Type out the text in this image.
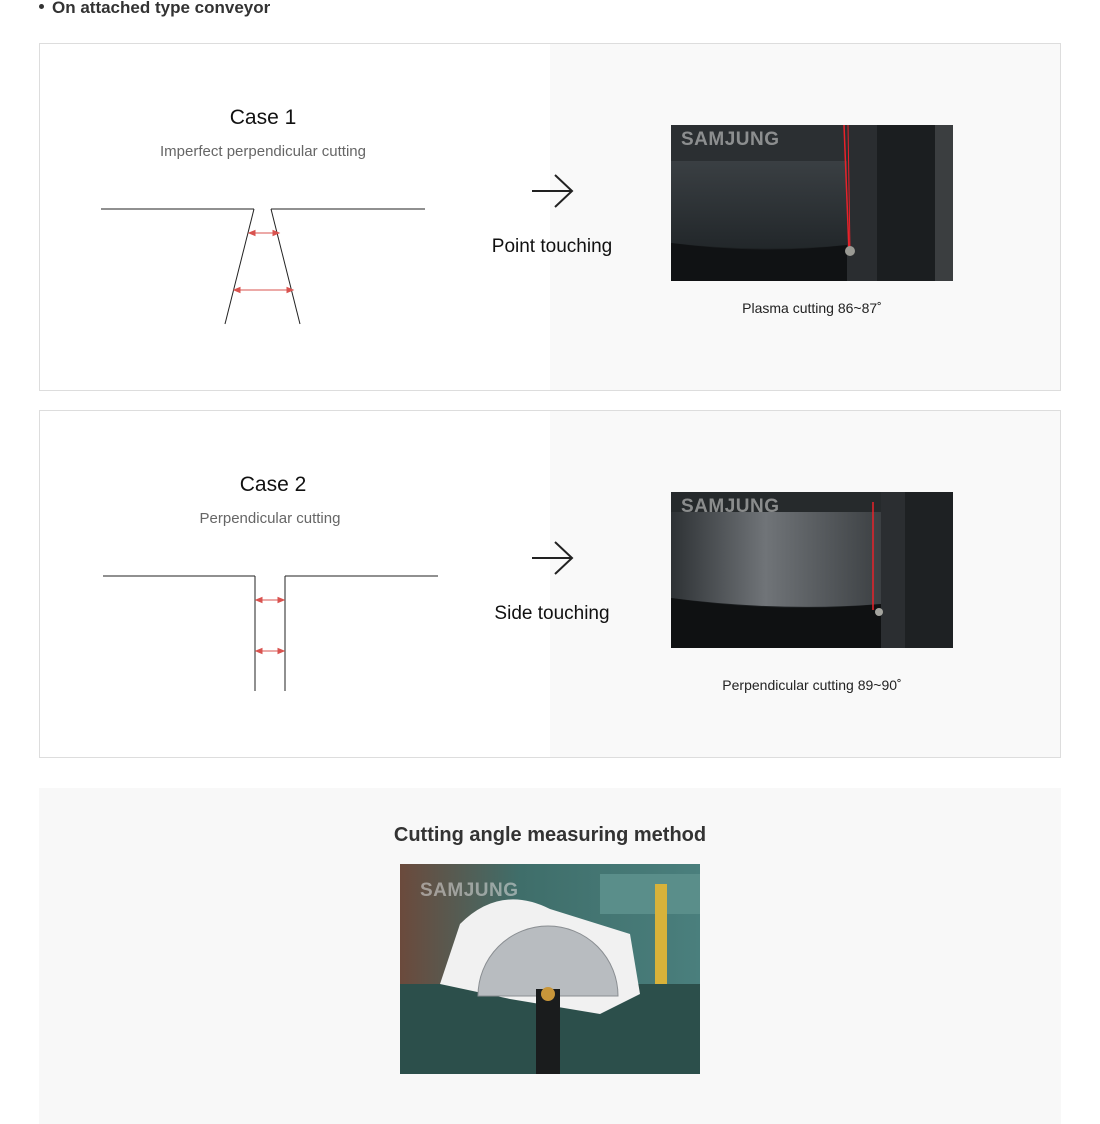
On attached type conveyor
Case 1
Imperfect perpendicular cutting
Point touching
SAMJUNG
Plasma cutting 86~87˚
Case 2
Perpendicular cutting
Side touching
SAMJUNG
Perpendicular cutting 89~90˚
Cutting angle measuring method
SAMJUNG
